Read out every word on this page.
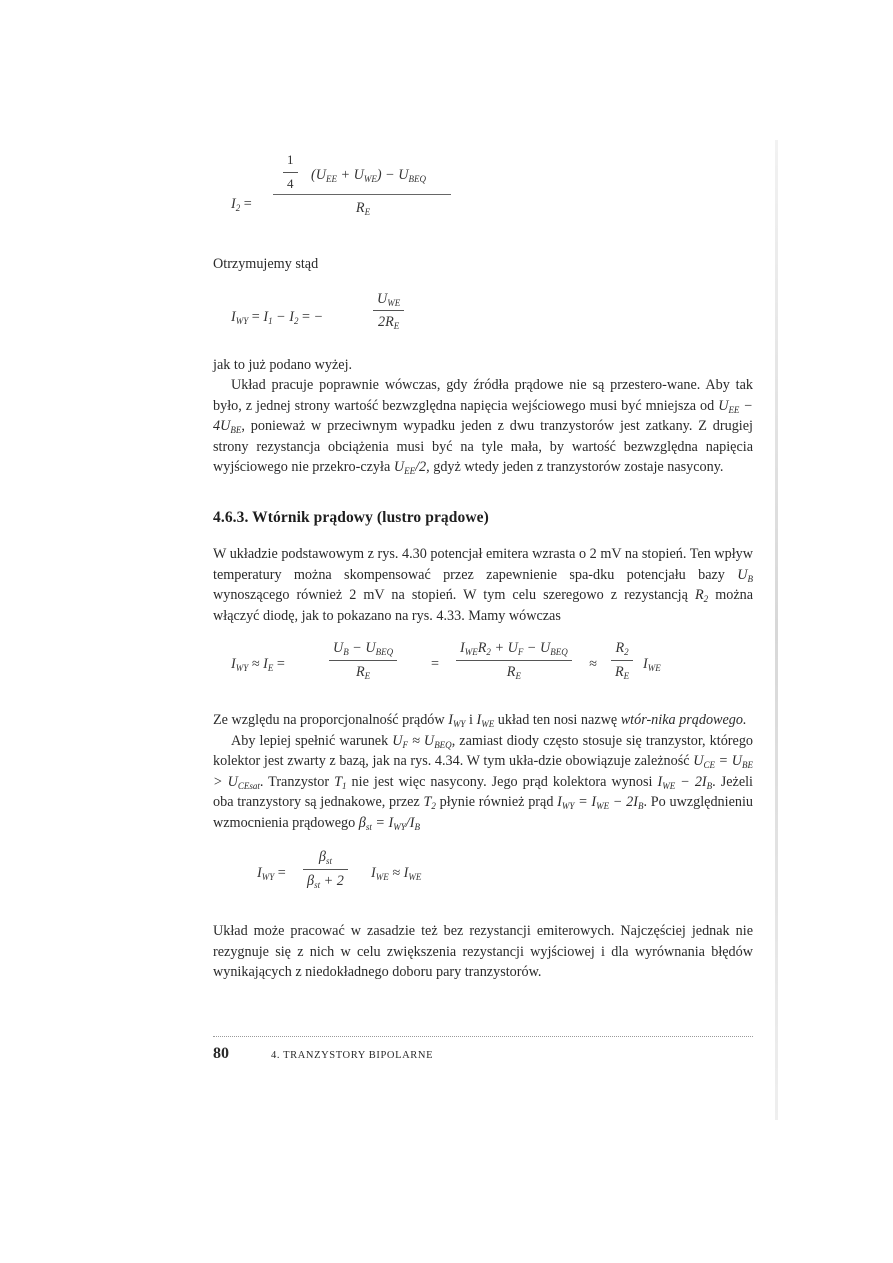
$I_2$ =
$\frac{1}{4} (U_{EE} + U_{WE}) - U_{BEQ}$
$R_E$

Otrzymujemy stąd

$I_{WY} = I_1 - I_2$ = −
$U_{WE}$
$2R_E$

jak to już podano wyżej.

Układ pracuje poprawnie wówczas, gdy źródła prądowe nie są przestero-wane. Aby tak było, z jednej strony wartość bezwzględna napięcia wejściowego musi być mniejsza od $U_{EE} - 4U_{BE}$, ponieważ w przeciwnym wypadku jeden z dwu tranzystorów jest zatkany. Z drugiej strony rezystancja obciążenia musi być na tyle mała, by wartość bezwzględna napięcia wyjściowego nie przekro-czyła $U_{EE}/2$, gdyż wtedy jeden z tranzystorów zostaje nasycony.

4.6.3. Wtórnik prądowy (lustro prądowe)

W układzie podstawowym z rys. 4.30 potencjał emitera wzrasta o 2 mV na stopień. Ten wpływ temperatury można skompensować przez zapewnienie spa-dku potencjału bazy $U_B$ wynoszącego również 2 mV na stopień. W tym celu szeregowo z rezystancją $R_2$ można włączyć diodę, jak to pokazano na rys. 4.33. Mamy wówczas

$I_{WY} \approx I_E$ =
$U_B - U_{BEQ}$
$R_E$
=
$I_{WE}R_2 + U_F - U_{BEQ}$
$R_E$
≈ $\frac{R_2}{R_E} I_{WE}$

Ze względu na proporcjonalność prądów $I_{WY}$ i $I_{WE}$ układ ten nosi nazwę wtór-nika prądowego.

Aby lepiej spełnić warunek $U_F \approx U_{BEQ}$, zamiast diody często stosuje się tranzystor, którego kolektor jest zwarty z bazą, jak na rys. 4.34. W tym ukła-dzie obowiązuje zależność $U_{CE} = U_{BE} > U_{CEsat}$. Tranzystor $T_1$ nie jest więc nasycony. Jego prąd kolektora wynosi $I_{WE} - 2I_B$. Jeżeli oba tranzystory są jednakowe, przez $T_2$ płynie również prąd $I_{WY} = I_{WE} - 2I_B$. Po uwzględnieniu wzmocnienia prądowego $\beta_{st} = I_{WY}/I_B$

$I_{WY}$ =
$\beta_{st}$
$\beta_{st} + 2$ $I_{WE} \approx I_{WE}$

Układ może pracować w zasadzie też bez rezystancji emiterowych. Najczęściej jednak nie rezygnuje się z nich w celu zwiększenia rezystancji wyjściowej i dla wyrównania błędów wynikających z niedokładnego doboru pary tranzystorów.

80	4. TRANZYSTORY BIPOLARNE
